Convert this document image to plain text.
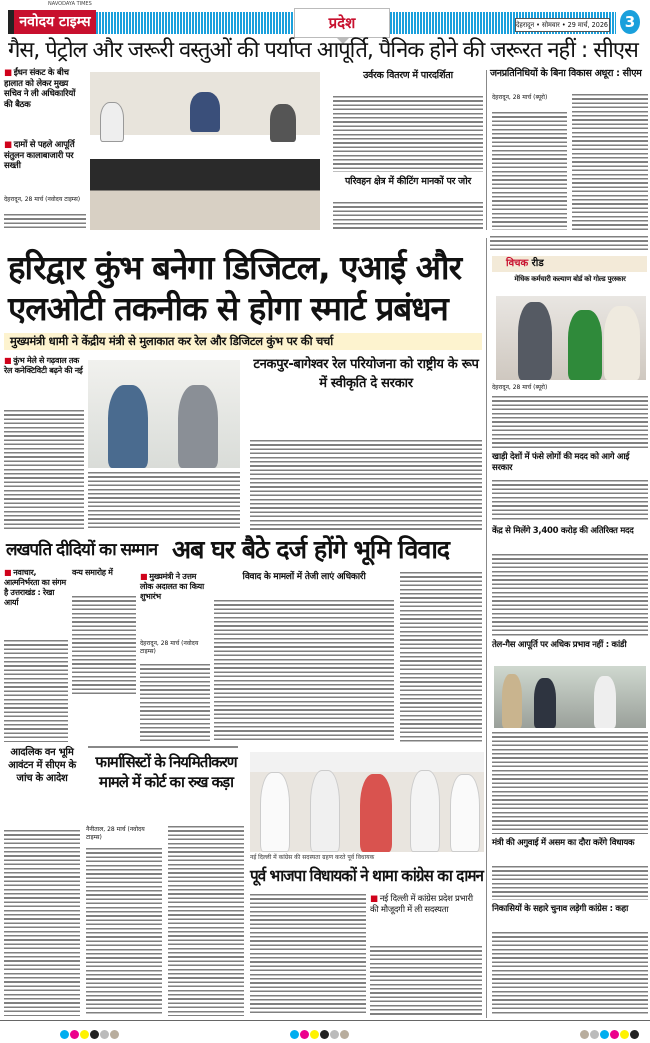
NAVODAYA TIMES
नवोदय टाइम्स	प्रदेश	देहरादून • सोमवार • 29 मार्च, 2026	3
गैस, पेट्रोल और जरूरी वस्तुओं की पर्याप्त आपूर्ति, पैनिक होने की जरूरत नहीं : सीएस
■ ईंधन संकट के बीच हालात को लेकर मुख्य सचिव ने ली अधिकारियों की बैठक
■ दामों से पहले आपूर्ति संतुलन कालाबाजारी पर सख्ती
देहरादून, 28 मार्च (नवोदय टाइम्स)
उर्वरक वितरण में पारदर्शिता
परिवहन क्षेत्र में कीटिंग मानकों पर जोर
जनप्रतिनिधियों के बिना विकास अधूरा : सीएम
देहरादून, 28 मार्च (ब्यूरो)
हरिद्वार कुंभ बनेगा डिजिटल, एआई और
एलओटी तकनीक से होगा स्मार्ट प्रबंधन
मुख्यमंत्री धामी ने केंद्रीय मंत्री से मुलाकात कर रेल और डिजिटल कुंभ पर की चर्चा
■ कुंभ मेले से गढ़वाल तक रेल कनेक्टिविटी बढ़ने की नई	टनकपुर-बागेश्वर रेल परियोजना को राष्ट्रीय के रूप में स्वीकृति दे सरकार
विचक रीड
मेधिक कर्मचारी कल्याण बोर्ड को गोल्ड पुरस्कार
देहरादून, 28 मार्च (ब्यूरो)
खाड़ी देशों में फंसे लोगों की मदद को आगे आई सरकार
केंद्र से मिलेंगे 3,400 करोड़ की अतिरिक्त मदद
तेल-गैस आपूर्ति पर अधिक प्रभाव नहीं : कांडी
मंत्री की अगुवाई में असम का दौरा करेंगे विधायक
निकासियों के सहारे चुनाव लड़ेगी कांग्रेस : कहा
लखपति दीदियों का सम्मान अब घर बैठे दर्ज होंगे भूमि विवाद
■ नवाचार, आत्मनिर्भरता का संगम है उत्तराखंड : रेखा आर्या
वन्य समारोह में	■ मुख्यमंत्री ने उत्तम लोक अदालत का किया शुभारंभ
देहरादून, 28 मार्च (नवोदय टाइम्स)
विवाद के मामलों में तेजी लाएं अधिकारी
आदलिक वन भूमि आवंटन में सीएम के जांच के आदेश
फार्मासिस्टों के नियमितीकरण मामले में कोर्ट का रुख कड़ा
नैनीताल, 28 मार्च (नवोदय टाइम्स)
नई दिल्ली में कांग्रेस की सदस्यता ग्रहण करते पूर्व विधायक
पूर्व भाजपा विधायकों ने थामा कांग्रेस का दामन
■ नई दिल्ली में कांग्रेस प्रदेश प्रभारी की मौजूदगी में ली सदस्यता
